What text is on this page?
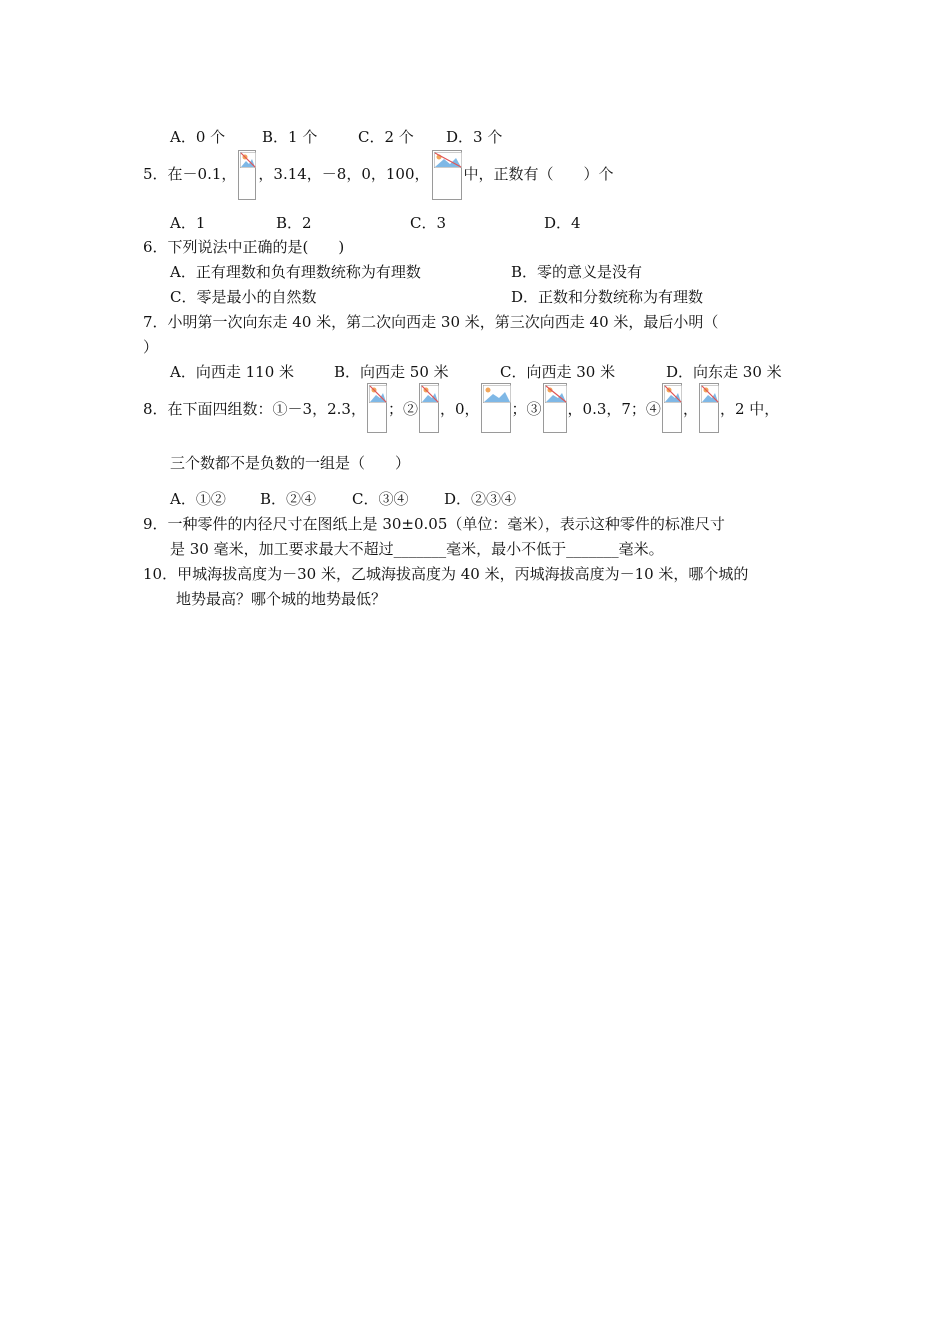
A．0 个 B．1 个	C．2 个 D．3 个
5．在－0.1， ，3.14，－8，0，100， 中，正数有（　　）个
A．1	B．2	C．3	D．4
6．下列说法中正确的是(　　)
A．正有理数和负有理数统称为有理数	B．零的意义是没有
C．零是最小的自然数	D．正数和分数统称为有理数
7．小明第一次向东走 40 米，第二次向西走 30 米，第三次向西走 40 米，最后小明（
）
A．向西走 110 米	B．向西走 50 米	C．向西走 30 米	D．向东走 30 米
8．在下面四组数：①－3，2.3， ；② ，0， ；③ ，0.3，7；④ ， ，2 中，
三个数都不是负数的一组是（　　）
A．①② B．②④ C．③④ D．②③④
9．一种零件的内径尺寸在图纸上是 30±0.05（单位：毫米），表示这种零件的标准尺寸
是 30 毫米，加工要求最大不超过_______毫米，最小不低于_______毫米。
10．甲城海拔高度为－30 米，乙城海拔高度为 40 米，丙城海拔高度为－10 米，哪个城的
地势最高？哪个城的地势最低？
